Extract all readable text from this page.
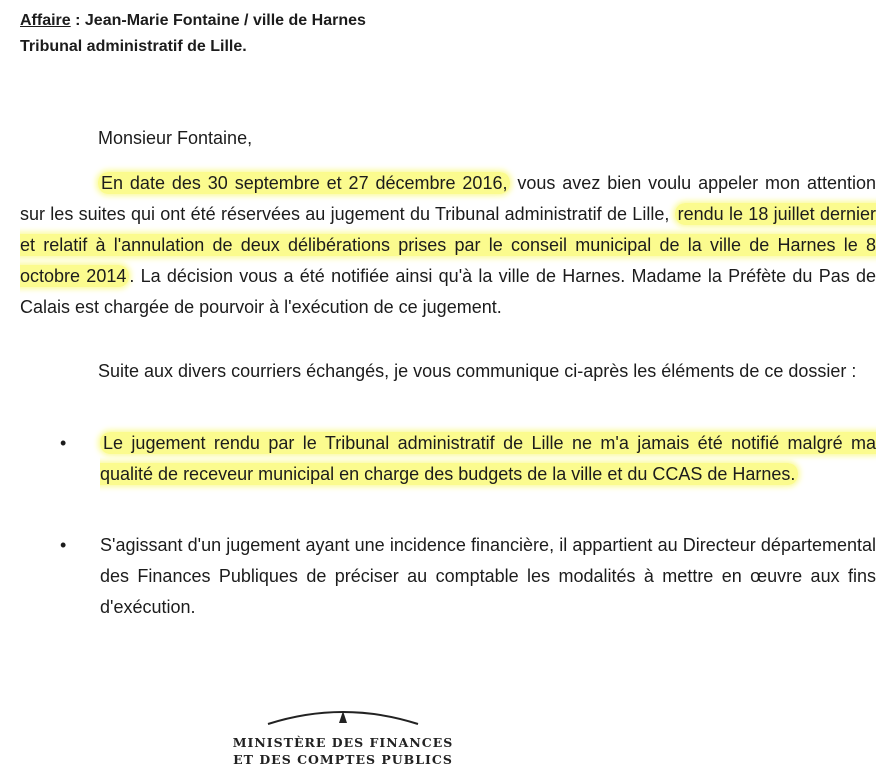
Affaire : Jean-Marie Fontaine / ville de Harnes
Tribunal administratif de Lille.
Monsieur Fontaine,
En date des 30 septembre et 27 décembre 2016, vous avez bien voulu appeler mon attention sur les suites qui ont été réservées au jugement du Tribunal administratif de Lille, rendu le 18 juillet dernier et relatif à l'annulation de deux délibérations prises par le conseil municipal de la ville de Harnes le 8 octobre 2014 . La décision vous a été notifiée ainsi qu'à la ville de Harnes. Madame la Préfète du Pas de Calais est chargée de pourvoir à l'exécution de ce jugement.
Suite aux divers courriers échangés, je vous communique ci-après les éléments de ce dossier :
• Le jugement rendu par le Tribunal administratif de Lille ne m'a jamais été notifié malgré ma qualité de receveur municipal en charge des budgets de la ville et du CCAS de Harnes.
• S'agissant d'un jugement ayant une incidence financière, il appartient au Directeur départemental des Finances Publiques de préciser au comptable les modalités à mettre en œuvre aux fins d'exécution.
MINISTÈRE DES FINANCES
ET DES COMPTES PUBLICS
